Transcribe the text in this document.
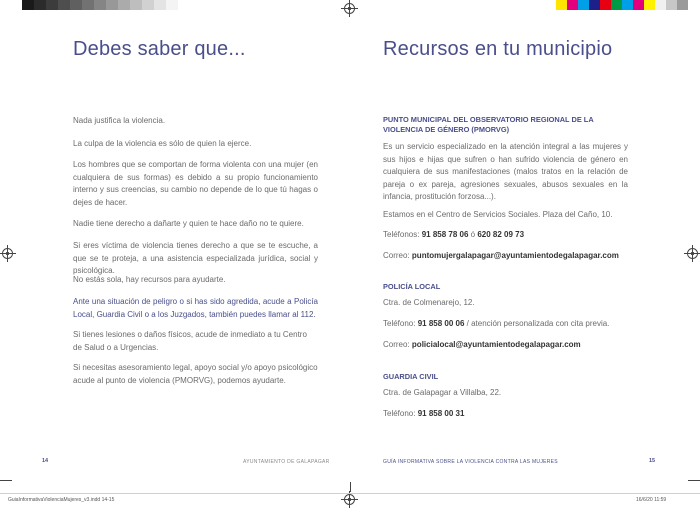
Debes saber que...

Nada justifica la violencia.

La culpa de la violencia es sólo de quien la ejerce.

Los hombres que se comportan de forma violenta con una mujer (en cualquiera de sus formas) es debido a su propio funcionamiento interno y sus creencias, su cambio no depende de lo que tú hagas o dejes de hacer.

Nadie tiene derecho a dañarte y quien te hace daño no te quiere.

Si eres víctima de violencia tienes derecho a que se te escuche, a que se te proteja, a una asistencia especializada jurídica, social y psicológica.

No estás sola, hay recursos para ayudarte.

Ante una situación de peligro o si has sido agredida, acude a Policía Local, Guardia Civil o a los Juzgados, también puedes llamar al 112.

Si tienes lesiones o daños físicos, acude de inmediato a tu Centro de Salud o a Urgencias.

Si necesitas asesoramiento legal, apoyo social y/o apoyo psicológico acude al punto de violencia (PMORVG), podemos ayudarte.

14	AYUNTAMIENTO DE GALAPAGAR
Recursos en tu municipio
PUNTO MUNICIPAL DEL OBSERVATORIO REGIONAL DE LA VIOLENCIA DE GÉNERO (PMORVG)

Es un servicio especializado en la atención integral a las mujeres y sus hijos e hijas que sufren o han sufrido violencia de género en cualquiera de sus manifestaciones (malos tratos en la relación de pareja o ex pareja, agresiones sexuales, abusos sexuales en la infancia, prostitución forzosa...).

Estamos en el Centro de Servicios Sociales. Plaza del Caño, 10.

Teléfonos: 91 858 78 06 ó 620 82 09 73

Correo: puntomujergalapagar@ayuntamientodegalapagar.com

POLICÍA LOCAL

Ctra. de Colmenarejo, 12.

Teléfono: 91 858 00 06 / atención personalizada con cita previa.

Correo: policialocal@ayuntamientodegalapagar.com

GUARDIA CIVIL

Ctra. de Galapagar a Villalba, 22.

Teléfono: 91 858 00 31

GUÍA INFORMATIVA SOBRE LA VIOLENCIA CONTRA LAS MUJERES	15
GuiaInformativaViolenciaMujeres_v3.indd 14-15	16/6/20 11:59
